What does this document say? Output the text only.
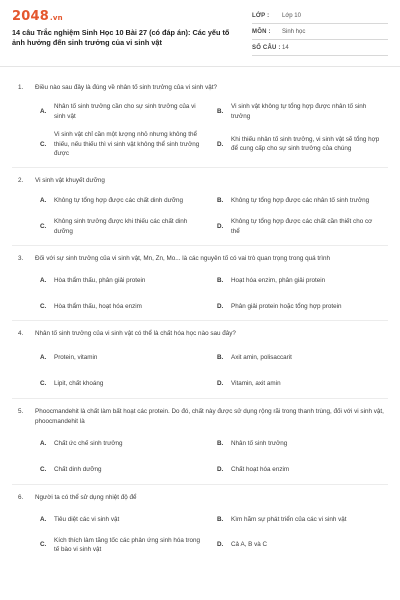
2048.vn
14 câu Trắc nghiệm Sinh Học 10 Bài 27 (có đáp án): Các yếu tố ảnh hưởng đến sinh trưởng của vi sinh vật
LỚP :	Lớp 10
MÔN :	Sinh học
SỐ CÂU : 14
1.	Điều nào sau đây là đúng về nhân tố sinh trưởng của vi sinh vật?
A.
Nhân tố sinh trưởng cần cho sự sinh trưởng của vi sinh vật
B.
Vi sinh vật không tự tổng hợp được nhân tố sinh trưởng
C.
Vi sinh vật chỉ cần một lượng nhỏ nhưng không thể thiếu, nếu thiếu thì vi sinh vật không thể sinh trưởng được
D.
Khi thiếu nhân tố sinh trưởng, vi sinh vật sẽ tổng hợp để cung cấp cho sự sinh trưởng của chúng
2.	Vi sinh vật khuyết dưỡng
A.	Không tự tổng hợp được các chất dinh dưỡng	B.	Không tự tổng hợp được các nhân tố sinh trưởng
C.
Không sinh trưởng được khi thiếu các chất dinh dưỡng
D.
Không tự tổng hợp được các chất cần thiết cho cơ thể
3.	Đối với sự sinh trưởng của vi sinh vật, Mn, Zn, Mo... là các nguyên tố có vai trò quan trọng trong quá trình
A.	Hòa thẩm thấu, phân giải protein	B.	Hoạt hóa enzim, phân giải protein
C.	Hòa thẩm thấu, hoạt hóa enzim	D.	Phân giải protein hoặc tổng hợp protein
4.	Nhân tố sinh trưởng của vi sinh vật có thể là chất hóa học nào sau đây?
A.	Protein, vitamin	B.	Axit amin, polisaccarit
C.	Lipit, chất khoáng	D.	Vitamin, axit amin
5.	Phoocmandehit là chất làm bất hoạt các protein. Do đó, chất này được sử dụng rộng rãi trong thanh trùng, đối với vi sinh vật, phoocmandehit là
A.	Chất ức chế sinh trưởng	B.	Nhân tố sinh trưởng
C.	Chất dinh dưỡng	D.	Chất hoạt hóa enzim
6.	Người ta có thể sử dụng nhiệt độ để
A.	Tiêu diệt các vi sinh vật	B.	Kìm hãm sự phát triển của các vi sinh vật
C.
Kích thích làm tăng tốc các phản ứng sinh hóa trong tế bào vi sinh vật
D.	Cả A, B và C
